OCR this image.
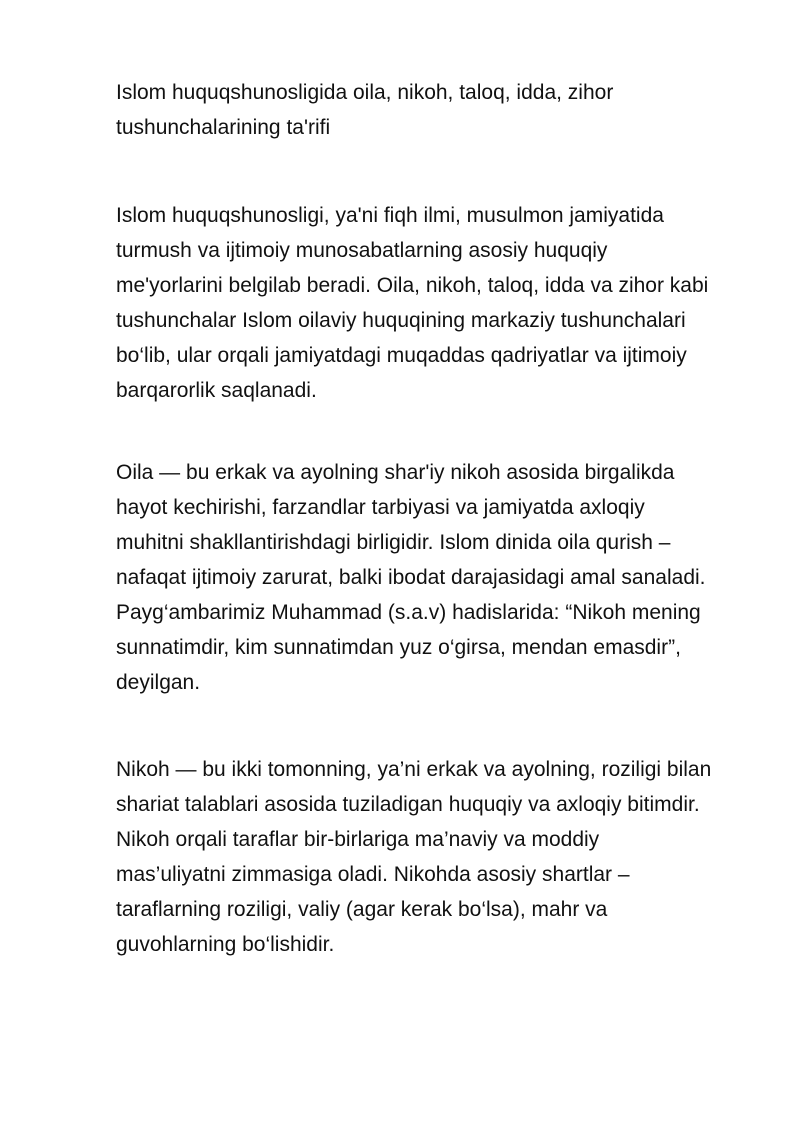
Islom huquqshunosligida oila, nikoh, taloq, idda, zihor
tushunchalarining ta'rifi

Islom huquqshunosligi, ya'ni fiqh ilmi, musulmon jamiyatida
turmush va ijtimoiy munosabatlarning asosiy huquqiy
me'yorlarini belgilab beradi. Oila, nikoh, taloq, idda va zihor kabi
tushunchalar Islom oilaviy huquqining markaziy tushunchalari
bo‘lib, ular orqali jamiyatdagi muqaddas qadriyatlar va ijtimoiy
barqarorlik saqlanadi.

Oila — bu erkak va ayolning shar'iy nikoh asosida birgalikda
hayot kechirishi, farzandlar tarbiyasi va jamiyatda axloqiy
muhitni shakllantirishdagi birligidir. Islom dinida oila qurish –
nafaqat ijtimoiy zarurat, balki ibodat darajasidagi amal sanaladi.
Payg‘ambarimiz Muhammad (s.a.v) hadislarida: “Nikoh mening
sunnatimdir, kim sunnatimdan yuz o‘girsa, mendan emasdir”,
deyilgan.

Nikoh — bu ikki tomonning, ya’ni erkak va ayolning, roziligi bilan
shariat talablari asosida tuziladigan huquqiy va axloqiy bitimdir.
Nikoh orqali taraflar bir-birlariga ma’naviy va moddiy
mas’uliyatni zimmasiga oladi. Nikohda asosiy shartlar –
taraflarning roziligi, valiy (agar kerak bo‘lsa), mahr va
guvohlarning bo‘lishidir.
